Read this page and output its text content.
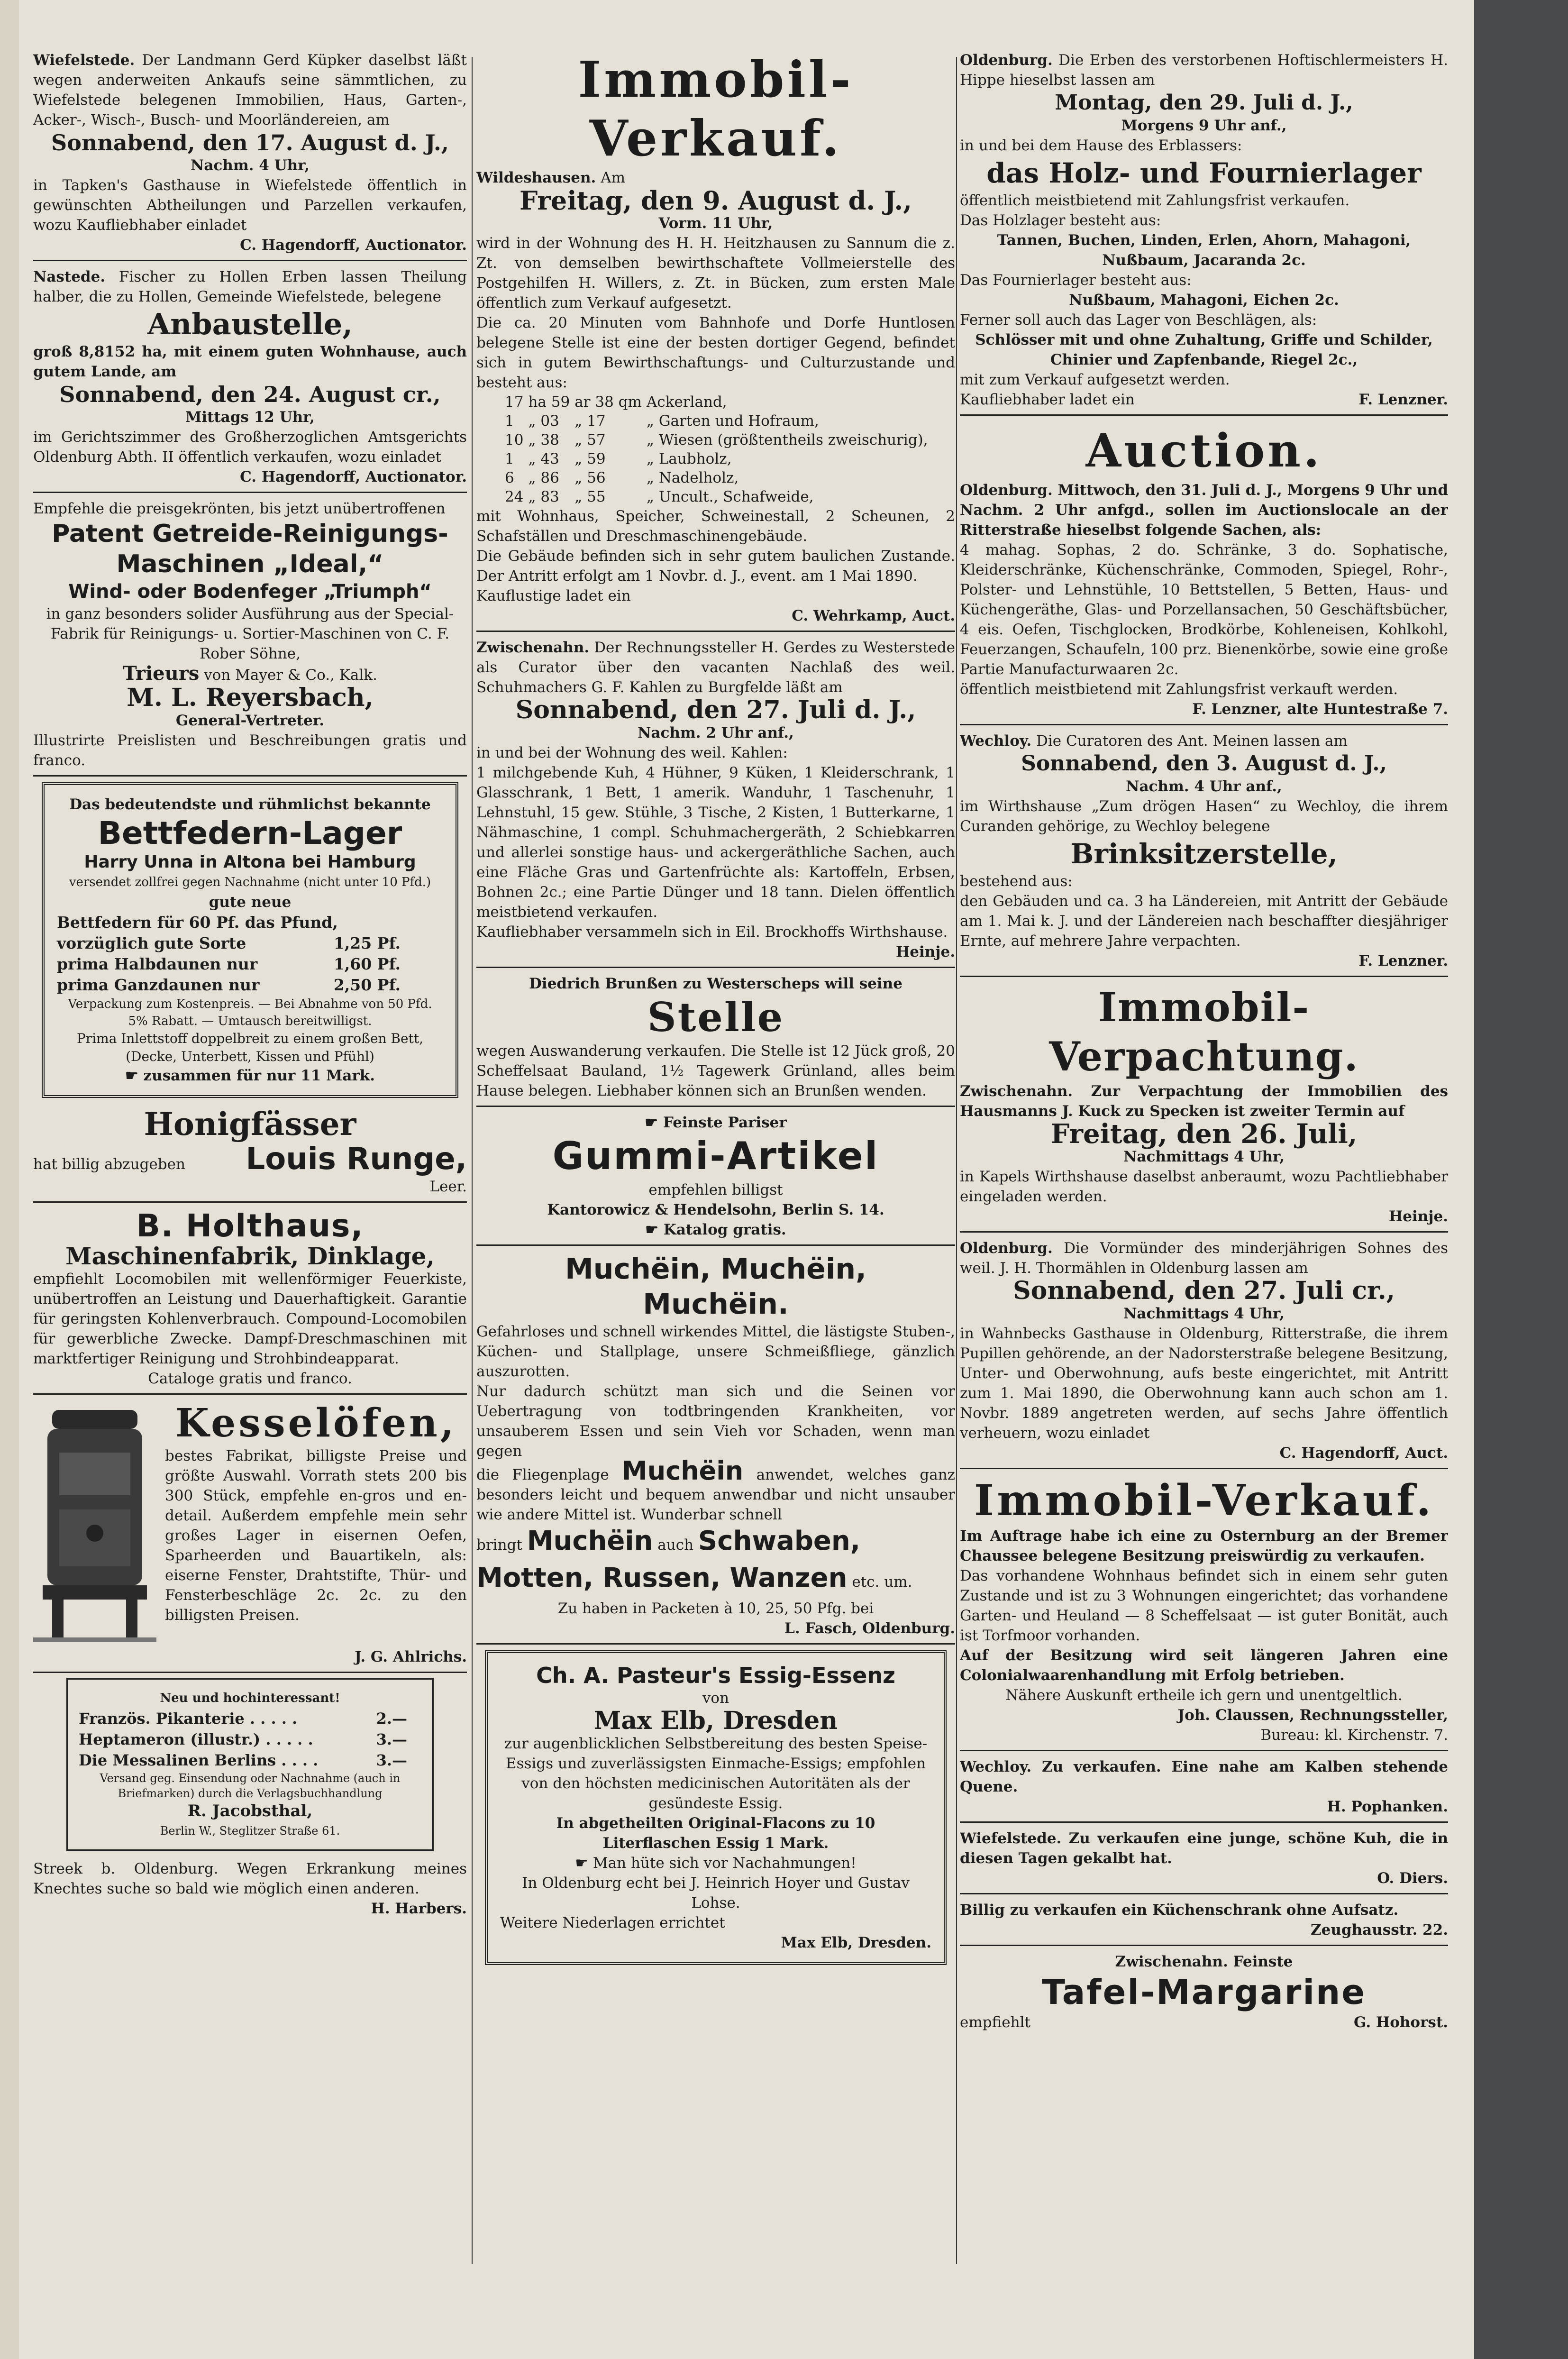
Wiefelstede. Der Landmann Gerd Küpker daselbst läßt wegen anderweiten Ankaufs seine sämmtlichen, zu Wiefelstede belegenen Immobilien, Haus, Garten-, Acker-, Wisch-, Busch- und Moorländereien, am

Sonnabend, den 17. August d. J.,

Nachm. 4 Uhr,

in Tapken's Gasthause in Wiefelstede öffentlich in gewünschten Abtheilungen und Parzellen verkaufen, wozu Kaufliebhaber einladet

C. Hagendorff, Auctionator.

Nastede. Fischer zu Hollen Erben lassen Theilung halber, die zu Hollen, Gemeinde Wiefelstede, belegene

Anbaustelle,

groß 8,8152 ha, mit einem guten Wohnhause, auch gutem Lande, am

Sonnabend, den 24. August cr.,

Mittags 12 Uhr,

im Gerichtszimmer des Großherzoglichen Amtsgerichts Oldenburg Abth. II öffentlich verkaufen, wozu einladet

C. Hagendorff, Auctionator.

Empfehle die preisgekrönten, bis jetzt unübertroffenen

Patent Getreide-Reinigungs-
Maschinen „Ideal,“
Wind- oder Bodenfeger „Triumph“

in ganz besonders solider Ausführung aus der Special-Fabrik für Reinigungs- u. Sortier-Maschinen von C. F. Rober Söhne,

Trieurs von Mayer & Co., Kalk.

M. L. Reyersbach,

General-Vertreter.

Illustrirte Preislisten und Beschreibungen gratis und franco.

Das bedeutendste und rühmlichst bekannte

Bettfedern-Lager

Harry Unna in Altona bei Hamburg

versendet zollfrei gegen Nachnahme (nicht unter 10 Pfd.)

gute neue

Bettfedern für 60 Pf. das Pfund,
vorzüglich gute Sorte	1,25 Pf.
prima Halbdaunen nur	1,60 Pf.
prima Ganzdaunen nur	2,50 Pf.

Verpackung zum Kostenpreis. — Bei Abnahme von 50 Pfd. 5% Rabatt. — Umtausch bereitwilligst.

Prima Inlettstoff doppelbreit zu einem großen Bett, (Decke, Unterbett, Kissen und Pfühl)

☛ zusammen für nur 11 Mark.

Honigfässer

hat billig abzugeben Louis Runge,

Leer.

B. Holthaus,
Maschinenfabrik, Dinklage,

empfiehlt Locomobilen mit wellenförmiger Feuerkiste, unübertroffen an Leistung und Dauerhaftigkeit. Garantie für geringsten Kohlenverbrauch. Compound-Locomobilen für gewerbliche Zwecke. Dampf-Dreschmaschinen mit marktfertiger Reinigung und Strohbindeapparat.

Cataloge gratis und franco.

Kesselöfen,

bestes Fabrikat, billigste Preise und größte Auswahl. Vorrath stets 200 bis 300 Stück, empfehle en-gros und en-detail. Außerdem empfehle mein sehr großes Lager in eisernen Oefen, Sparheerden und Bauartikeln, als: eiserne Fenster, Drahtstifte, Thür- und Fensterbeschläge 2c. 2c. zu den billigsten Preisen.

J. G. Ahlrichs.

Neu und hochinteressant!

Französ. Pikanterie . . . . .	2.—
Heptameron (illustr.) . . . . .	3.—
Die Messalinen Berlins . . . .	3.—

Versand geg. Einsendung oder Nachnahme (auch in Briefmarken) durch die Verlagsbuchhandlung

R. Jacobsthal,

Berlin W., Steglitzer Straße 61.

Streek b. Oldenburg. Wegen Erkrankung meines Knechtes suche so bald wie möglich einen anderen.

H. Harbers.

Immobil-Verkauf.

Wildeshausen. Am

Freitag, den 9. August d. J.,

Vorm. 11 Uhr,

wird in der Wohnung des H. H. Heitzhausen zu Sannum die z. Zt. von demselben bewirthschaftete Vollmeierstelle des Postgehilfen H. Willers, z. Zt. in Bücken, zum ersten Male öffentlich zum Verkauf aufgesetzt.

Die ca. 20 Minuten vom Bahnhofe und Dorfe Huntlosen belegene Stelle ist eine der besten dortiger Gegend, befindet sich in gutem Bewirthschaftungs- und Culturzustande und besteht aus:

17	ha 59	ar 38 qm	Ackerland,
1	„ 03	„ 17	„ Garten und Hofraum,
10	„ 38	„ 57	„ Wiesen (größtentheils zweischurig),
1	„ 43	„ 59	„ Laubholz,
6	„ 86	„ 56	„ Nadelholz,
24	„ 83	„ 55	„ Uncult., Schafweide,

mit Wohnhaus, Speicher, Schweinestall, 2 Scheunen, 2 Schafställen und Dreschmaschinengebäude.

Die Gebäude befinden sich in sehr gutem baulichen Zustande. Der Antritt erfolgt am 1 Novbr. d. J., event. am 1 Mai 1890.

Kauflustige ladet ein

C. Wehrkamp, Auct.

Zwischenahn. Der Rechnungssteller H. Gerdes zu Westerstede als Curator über den vacanten Nachlaß des weil. Schuhmachers G. F. Kahlen zu Burgfelde läßt am

Sonnabend, den 27. Juli d. J.,

Nachm. 2 Uhr anf.,

in und bei der Wohnung des weil. Kahlen:

1 milchgebende Kuh, 4 Hühner, 9 Küken, 1 Kleiderschrank, 1 Glasschrank, 1 Bett, 1 amerik. Wanduhr, 1 Taschenuhr, 1 Lehnstuhl, 15 gew. Stühle, 3 Tische, 2 Kisten, 1 Butterkarne, 1 Nähmaschine, 1 compl. Schuhmachergeräth, 2 Schiebkarren und allerlei sonstige haus- und ackergeräthliche Sachen, auch eine Fläche Gras und Gartenfrüchte als: Kartoffeln, Erbsen, Bohnen 2c.; eine Partie Dünger und 18 tann. Dielen öffentlich meistbietend verkaufen.

Kaufliebhaber versammeln sich in Eil. Brockhoffs Wirthshause.

Heinje.

Diedrich Brunßen zu Westerscheps will seine

Stelle

wegen Auswanderung verkaufen. Die Stelle ist 12 Jück groß, 20 Scheffelsaat Bauland, 1½ Tagewerk Grünland, alles beim Hause belegen. Liebhaber können sich an Brunßen wenden.

☛ Feinste Pariser

Gummi-Artikel

empfehlen billigst

Kantorowicz & Hendelsohn, Berlin S. 14.

☛ Katalog gratis.

Muchëin, Muchëin,
Muchëin.

Gefahrloses und schnell wirkendes Mittel, die lästigste Stuben-, Küchen- und Stallplage, unsere Schmeißfliege, gänzlich auszurotten.

Nur dadurch schützt man sich und die Seinen vor Uebertragung von todtbringenden Krankheiten, vor unsauberem Essen und sein Vieh vor Schaden, wenn man gegen

die Fliegenplage Muchëin anwendet, welches ganz besonders leicht und bequem anwendbar und nicht unsauber wie andere Mittel ist. Wunderbar schnell

bringt Muchëin auch Schwaben,

Motten, Russen, Wanzen etc. um.

Zu haben in Packeten à 10, 25, 50 Pfg. bei

L. Fasch, Oldenburg.

Ch. A. Pasteur's Essig-Essenz

von

Max Elb, Dresden

zur augenblicklichen Selbstbereitung des besten Speise-Essigs und zuverlässigsten Einmache-Essigs; empfohlen von den höchsten medicinischen Autoritäten als der gesündeste Essig.

In abgetheilten Original-Flacons zu 10 Literflaschen Essig 1 Mark.

☛ Man hüte sich vor Nachahmungen!

In Oldenburg echt bei J. Heinrich Hoyer und Gustav Lohse.

Weitere Niederlagen errichtet

Max Elb, Dresden.

Oldenburg. Die Erben des verstorbenen Hoftischlermeisters H. Hippe hieselbst lassen am

Montag, den 29. Juli d. J.,

Morgens 9 Uhr anf.,

in und bei dem Hause des Erblassers:

das Holz- und Fournierlager

öffentlich meistbietend mit Zahlungsfrist verkaufen.

Das Holzlager besteht aus:

Tannen, Buchen, Linden, Erlen, Ahorn, Mahagoni, Nußbaum, Jacaranda 2c.

Das Fournierlager besteht aus:

Nußbaum, Mahagoni, Eichen 2c.

Ferner soll auch das Lager von Beschlägen, als:

Schlösser mit und ohne Zuhaltung, Griffe und Schilder, Chinier und Zapfenbande, Riegel 2c.,

mit zum Verkauf aufgesetzt werden.

Kaufliebhaber ladet ein	F. Lenzner.

Auction.

Oldenburg. Mittwoch, den 31. Juli d. J., Morgens 9 Uhr und Nachm. 2 Uhr anfgd., sollen im Auctionslocale an der Ritterstraße hieselbst folgende Sachen, als:

4 mahag. Sophas, 2 do. Schränke, 3 do. Sophatische, Kleiderschränke, Küchenschränke, Commoden, Spiegel, Rohr-, Polster- und Lehnstühle, 10 Bettstellen, 5 Betten, Haus- und Küchengeräthe, Glas- und Porzellansachen, 50 Geschäftsbücher, 4 eis. Oefen, Tischglocken, Brodkörbe, Kohleneisen, Kohlkohl, Feuerzangen, Schaufeln, 100 prz. Bienenkörbe, sowie eine große Partie Manufacturwaaren 2c.

öffentlich meistbietend mit Zahlungsfrist verkauft werden.

F. Lenzner, alte Huntestraße 7.

Wechloy. Die Curatoren des Ant. Meinen lassen am

Sonnabend, den 3. August d. J.,

Nachm. 4 Uhr anf.,

im Wirthshause „Zum drögen Hasen“ zu Wechloy, die ihrem Curanden gehörige, zu Wechloy belegene

Brinksitzerstelle,

bestehend aus:

den Gebäuden und ca. 3 ha Ländereien, mit Antritt der Gebäude am 1. Mai k. J. und der Ländereien nach beschaffter diesjähriger Ernte, auf mehrere Jahre verpachten.

F. Lenzner.

Immobil-Verpachtung.

Zwischenahn. Zur Verpachtung der Immobilien des Hausmanns J. Kuck zu Specken ist zweiter Termin auf

Freitag, den 26. Juli,

Nachmittags 4 Uhr,

in Kapels Wirthshause daselbst anberaumt, wozu Pachtliebhaber eingeladen werden.

Heinje.

Oldenburg. Die Vormünder des minderjährigen Sohnes des weil. J. H. Thormählen in Oldenburg lassen am

Sonnabend, den 27. Juli cr.,

Nachmittags 4 Uhr,

in Wahnbecks Gasthause in Oldenburg, Ritterstraße, die ihrem Pupillen gehörende, an der Nadorsterstraße belegene Besitzung, Unter- und Oberwohnung, aufs beste eingerichtet, mit Antritt zum 1. Mai 1890, die Oberwohnung kann auch schon am 1. Novbr. 1889 angetreten werden, auf sechs Jahre öffentlich verheuern, wozu einladet

C. Hagendorff, Auct.

Immobil-Verkauf.

Im Auftrage habe ich eine zu Osternburg an der Bremer Chaussee belegene Besitzung preiswürdig zu verkaufen.

Das vorhandene Wohnhaus befindet sich in einem sehr guten Zustande und ist zu 3 Wohnungen eingerichtet; das vorhandene Garten- und Heuland — 8 Scheffelsaat — ist guter Bonität, auch ist Torfmoor vorhanden.

Auf der Besitzung wird seit längeren Jahren eine Colonialwaarenhandlung mit Erfolg betrieben.

Nähere Auskunft ertheile ich gern und unentgeltlich.

Joh. Claussen, Rechnungssteller,

Bureau: kl. Kirchenstr. 7.

Wechloy. Zu verkaufen. Eine nahe am Kalben stehende Quene.

H. Pophanken.

Wiefelstede. Zu verkaufen eine junge, schöne Kuh, die in diesen Tagen gekalbt hat.

O. Diers.

Billig zu verkaufen ein Küchenschrank ohne Aufsatz.

Zeughausstr. 22.

Zwischenahn. Feinste

Tafel-Margarine

empfiehlt	G. Hohorst.
